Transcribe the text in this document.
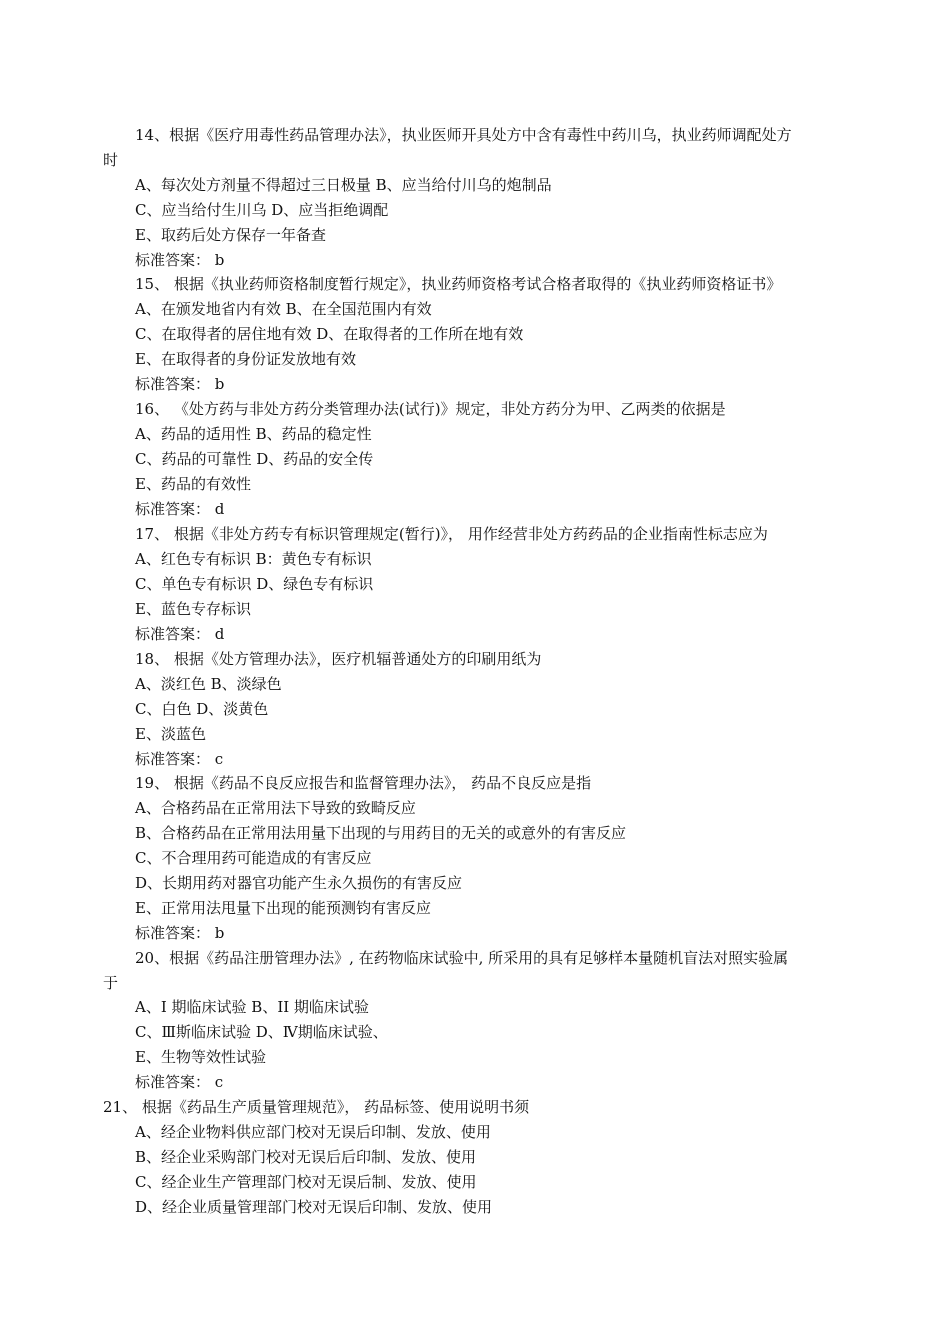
14、根据《医疗用毒性药品管理办法》，执业医师开具处方中含有毒性中药川乌，执业药师调配处方
时
A、每次处方剂量不得超过三日极量 B、应当给付川乌的炮制品
C、应当给付生川乌 D、应当拒绝调配
E、取药后处方保存一年备查
标准答案： b
15、 根据《执业药师资格制度暂行规定》，执业药师资格考试合格者取得的《执业药师资格证书》
A、在颁发地省内有效 B、在全国范围内有效
C、在取得者的居住地有效 D、在取得者的工作所在地有效
E、在取得者的身份证发放地有效
标准答案： b
16、 《处方药与非处方药分类管理办法(试行)》规定，非处方药分为甲、乙两类的依据是
A、药品的适用性 B、药品的稳定性
C、药品的可靠性 D、药品的安全传
E、药品的有效性
标准答案： d
17、 根据《非处方药专有标识管理规定(暂行)》， 用作经营非处方药药品的企业指南性标志应为
A、红色专有标识 B：黄色专有标识
C、单色专有标识 D、绿色专有标识
E、蓝色专存标识
标准答案： d
18、 根据《处方管理办法》，医疗机辐普通处方的印刷用纸为
A、淡红色 B、淡绿色
C、白色 D、淡黄色
E、淡蓝色
标准答案： c
19、 根据《药品不良反应报告和监督管理办法》， 药品不良反应是指
A、合格药品在正常用法下导致的致畸反应
B、合格药品在正常用法用量下出现的与用药目的无关的或意外的有害反应
C、不合理用药可能造成的有害反应
D、长期用药对器官功能产生永久损伤的有害反应
E、正常用法甩量下出现的能预测钧有害反应
标准答案： b
20、根据《药品注册管理办法》, 在药物临床试验中, 所采用的具有足够样本量随机盲法对照实验属
于
A、I 期临床试验 B、II 期临床试验
C、Ⅲ斯临床试验 D、Ⅳ期临床试验、
E、生物等效性试验
标准答案： c
21、 根据《药品生产质量管理规范》， 药品标签、使用说明书须
A、经企业物料供应部门校对无误后印制、发放、使用
B、经企业采购部门校对无误后后印制、发放、使用
C、经企业生产管理部门校对无误后制、发放、使用
D、经企业质量管理部门校对无误后印制、发放、使用
